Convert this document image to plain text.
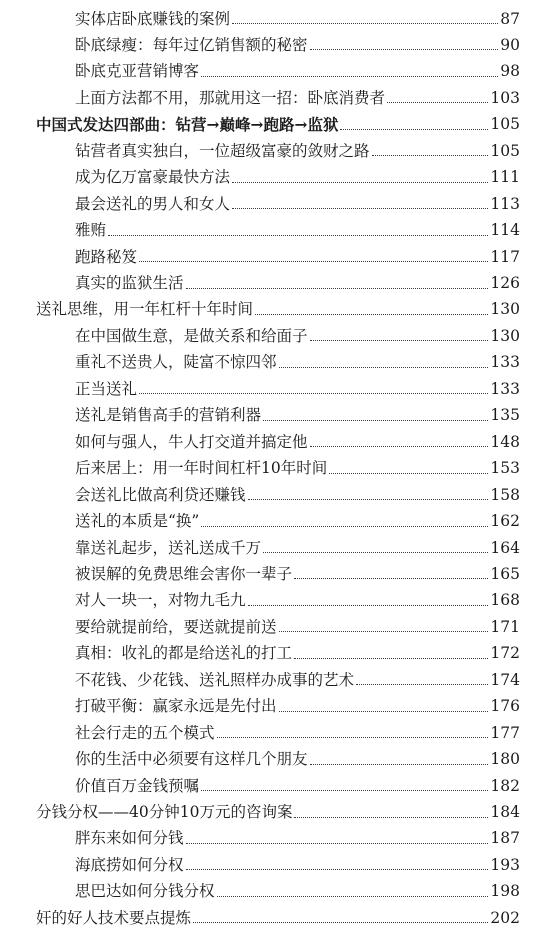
实体店卧底赚钱的案例	87
卧底绿瘦：每年过亿销售额的秘密	90
卧底克亚营销博客	98
上面方法都不用，那就用这一招：卧底消费者	103
中国式发达四部曲：钻营→巅峰→跑路→监狱	105
钻营者真实独白，一位超级富豪的敛财之路	105
成为亿万富豪最快方法	111
最会送礼的男人和女人	113
雅贿	114
跑路秘笈	117
真实的监狱生活	126
送礼思维，用一年杠杆十年时间	130
在中国做生意，是做关系和给面子	130
重礼不送贵人，陡富不惊四邻	133
正当送礼	133
送礼是销售高手的营销利器	135
如何与强人，牛人打交道并搞定他	148
后来居上：用一年时间杠杆10年时间	153
会送礼比做高利贷还赚钱	158
送礼的本质是“换”	162
靠送礼起步，送礼送成千万	164
被误解的免费思维会害你一辈子	165
对人一块一，对物九毛九	168
要给就提前给，要送就提前送	171
真相：收礼的都是给送礼的打工	172
不花钱、少花钱、送礼照样办成事的艺术	174
打破平衡：赢家永远是先付出	176
社会行走的五个模式	177
你的生活中必须要有这样几个朋友	180
价值百万金钱预嘱	182
分钱分权——40分钟10万元的咨询案	184
胖东来如何分钱	187
海底捞如何分权	193
思巴达如何分钱分权	198
奸的好人技术要点提炼	202
